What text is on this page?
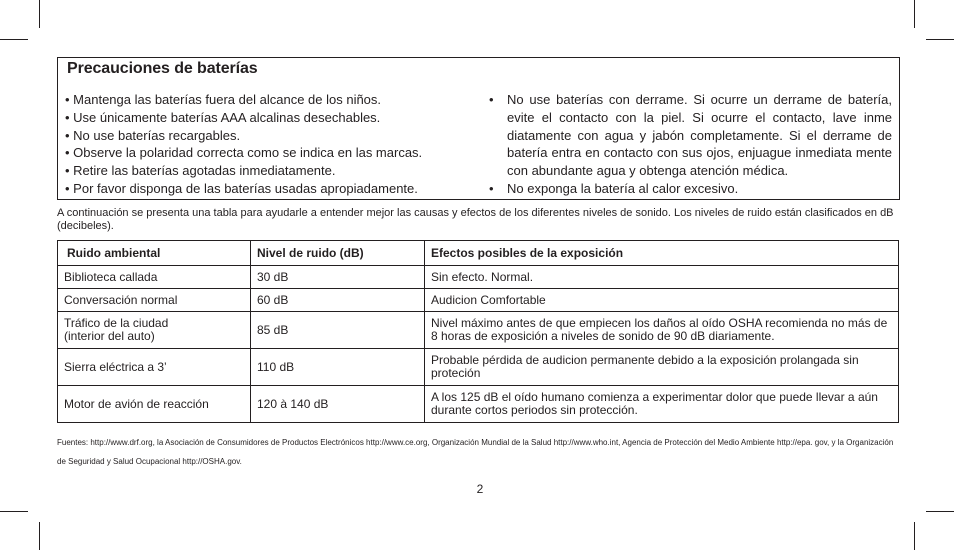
Precauciones de baterías
• Mantenga las baterías fuera del alcance de los niños.
• Use únicamente baterías AAA alcalinas desechables.
• No use baterías recargables.
• Observe la polaridad correcta como se indica en las marcas.
• Retire las baterías agotadas inmediatamente.
• Por favor disponga de las baterías usadas apropiadamente.
• No use baterías con derrame. Si ocurre un derrame de batería, evite el contacto con la piel. Si ocurre el contacto, lave inme diatamente con agua y jabón completamente. Si el derrame de batería entra en contacto con sus ojos, enjuague inmediata mente con abundante agua y obtenga atención médica.
• No exponga la batería al calor excesivo.

A continuación se presenta una tabla para ayudarle a entender mejor las causas y efectos de los diferentes niveles de sonido. Los niveles de ruido están clasificados en dB (decibeles).

Ruido ambiental	Nivel de ruido (dB)	Efectos posibles de la exposición
Biblioteca callada	30 dB	Sin efecto. Normal.
Conversación normal	60 dB	Audicion Comfortable

Tráfico de la ciudad
(interior del auto)	85 dB	Nivel máximo antes de que empiecen los daños al oído OSHA recomienda no más de 8 horas de exposición a niveles de sonido de 90 dB diariamente.
Sierra eléctrica a 3’	110 dB	Probable pérdida de audicion permanente debido a la exposición prolangada sin proteción
Motor de avión de reacción	120 à 140 dB	A los 125 dB el oído humano comienza a experimentar dolor que puede llevar a aún durante cortos periodos sin protección.

Fuentes: http://www.drf.org, la Asociación de Consumidores de Productos Electrónicos http://www.ce.org, Organización Mundial de la Salud http://www.who.int, Agencia de Protección del Medio Ambiente http://epa. gov, y la Organización de Seguridad y Salud Ocupacional http://OSHA.gov.

2
